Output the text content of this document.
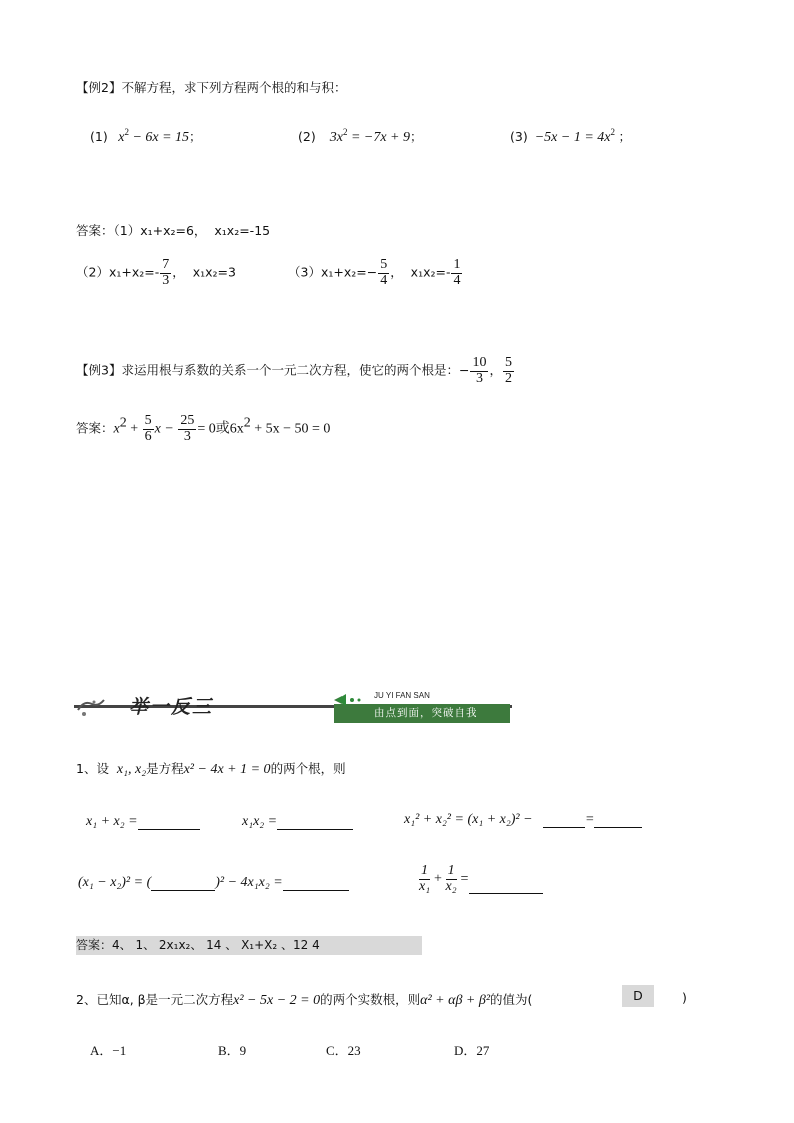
【例2】不解方程，求下列方程两个根的和与积：
(1) $x^2 - 6x = 15$；	(2) $3x^2 = -7x + 9$；	$(3) -5x - 1 = 4x^2$ ；
答案：（1）x₁+x₂=6， x₁x₂=-15
$(2)x_1+x_2=- \frac{7}{3}$ ， x₁x₂=3	$(3)x_1+x_2=- \frac{5}{4}$ ， $x_1x_2=- \frac{1}{4}$
【例3】求运用根与系数的关系一个一元二次方程，使它的两个根是：− $\frac{10}{3}$ ， $\frac{5}{2}$
答案：$x^2 + \frac{5}{6}$ $x - \frac{25}{3} = 0$或$6x^2 + 5x - 50 = 0$
举一反三
JU YI FAN SAN
由点到面，突破自我
1、设 x₁, x₂是方程x² − 4x + 1 = 0的两个根，则
x₁ + x₂ =	x₁x₂ =	x₁² + x₂² = (x₁ + x₂)² −	=
(x₁ − x₂)² = (	)² − 4x₁x₂ =	$\frac{1}{\text{x₁}} + \frac{1}{\text{x₂}}$ =
答案：4、 1、 2x₁x₂、 14 、 X₁+X₂ 、12 4
2、已知α, β是一元二次方程x² − 5x − 2 = 0的两个实数根，则α² + αβ + β²的值为(	D	)
A．−1	B．9	C．23	D．27
